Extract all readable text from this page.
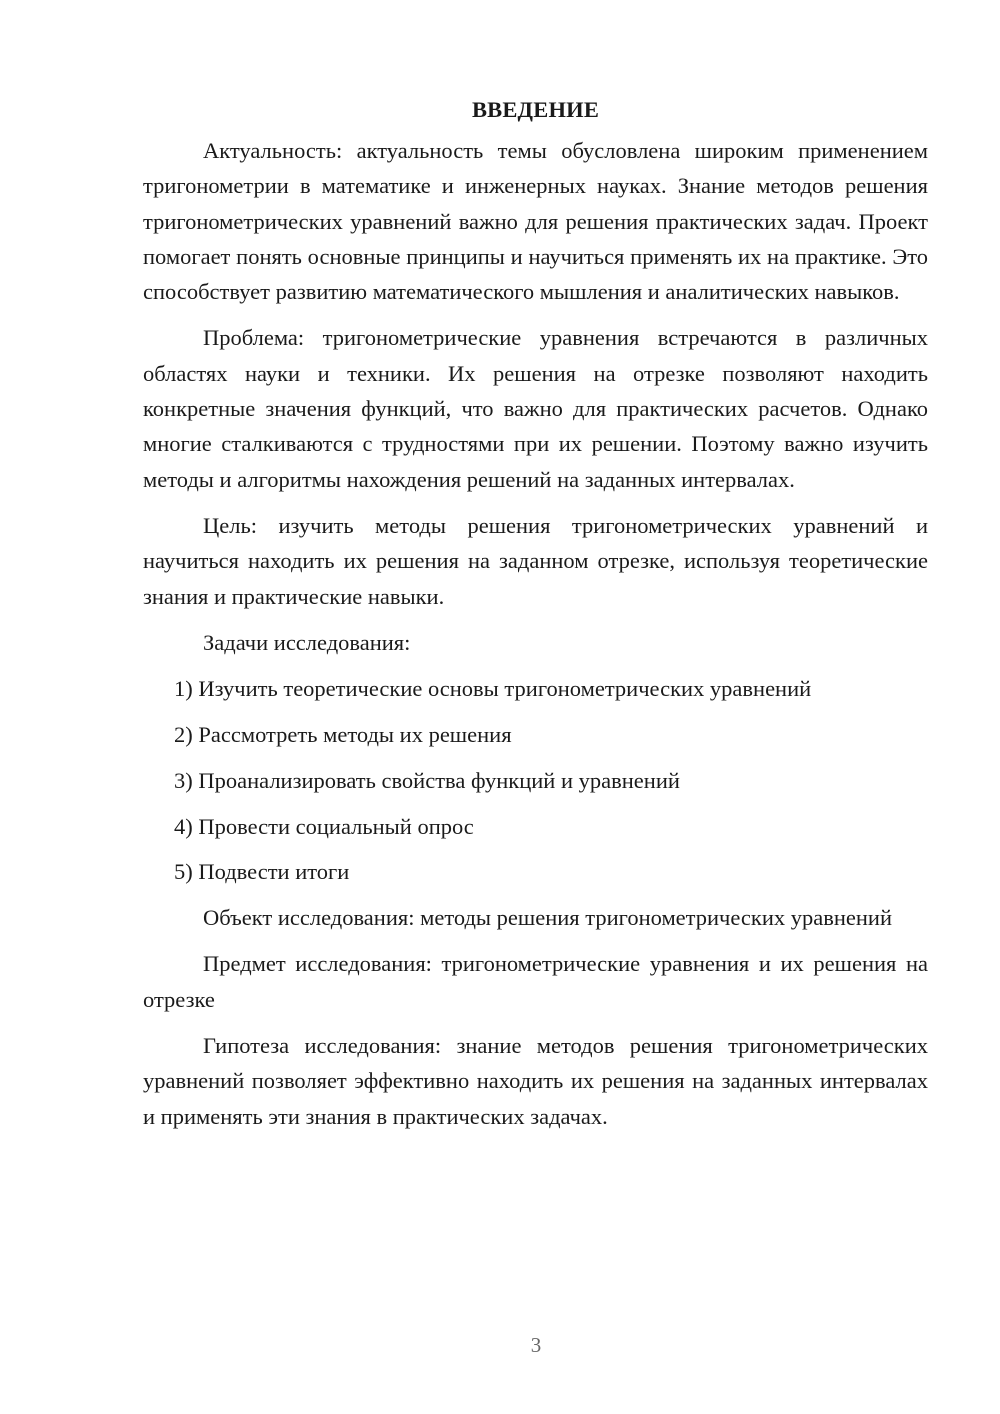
ВВЕДЕНИЕ

Актуальность: актуальность темы обусловлена широким применением тригонометрии в математике и инженерных науках. Знание методов решения тригонометрических уравнений важно для решения практических задач. Проект помогает понять основные принципы и научиться применять их на практике. Это способствует развитию математического мышления и аналитических навыков.

Проблема: тригонометрические уравнения встречаются в различных областях науки и техники. Их решения на отрезке позволяют находить конкретные значения функций, что важно для практических расчетов. Однако многие сталкиваются с трудностями при их решении. Поэтому важно изучить методы и алгоритмы нахождения решений на заданных интервалах.

Цель: изучить методы решения тригонометрических уравнений и научиться находить их решения на заданном отрезке, используя теоретические знания и практические навыки.

Задачи исследования:

1) Изучить теоретические основы тригонометрических уравнений
2) Рассмотреть методы их решения
3) Проанализировать свойства функций и уравнений
4) Провести социальный опрос
5) Подвести итоги

Объект исследования: методы решения тригонометрических уравнений

Предмет исследования: тригонометрические уравнения и их решения на отрезке

Гипотеза исследования: знание методов решения тригонометрических уравнений позволяет эффективно находить их решения на заданных интервалах и применять эти знания в практических задачах.

3
